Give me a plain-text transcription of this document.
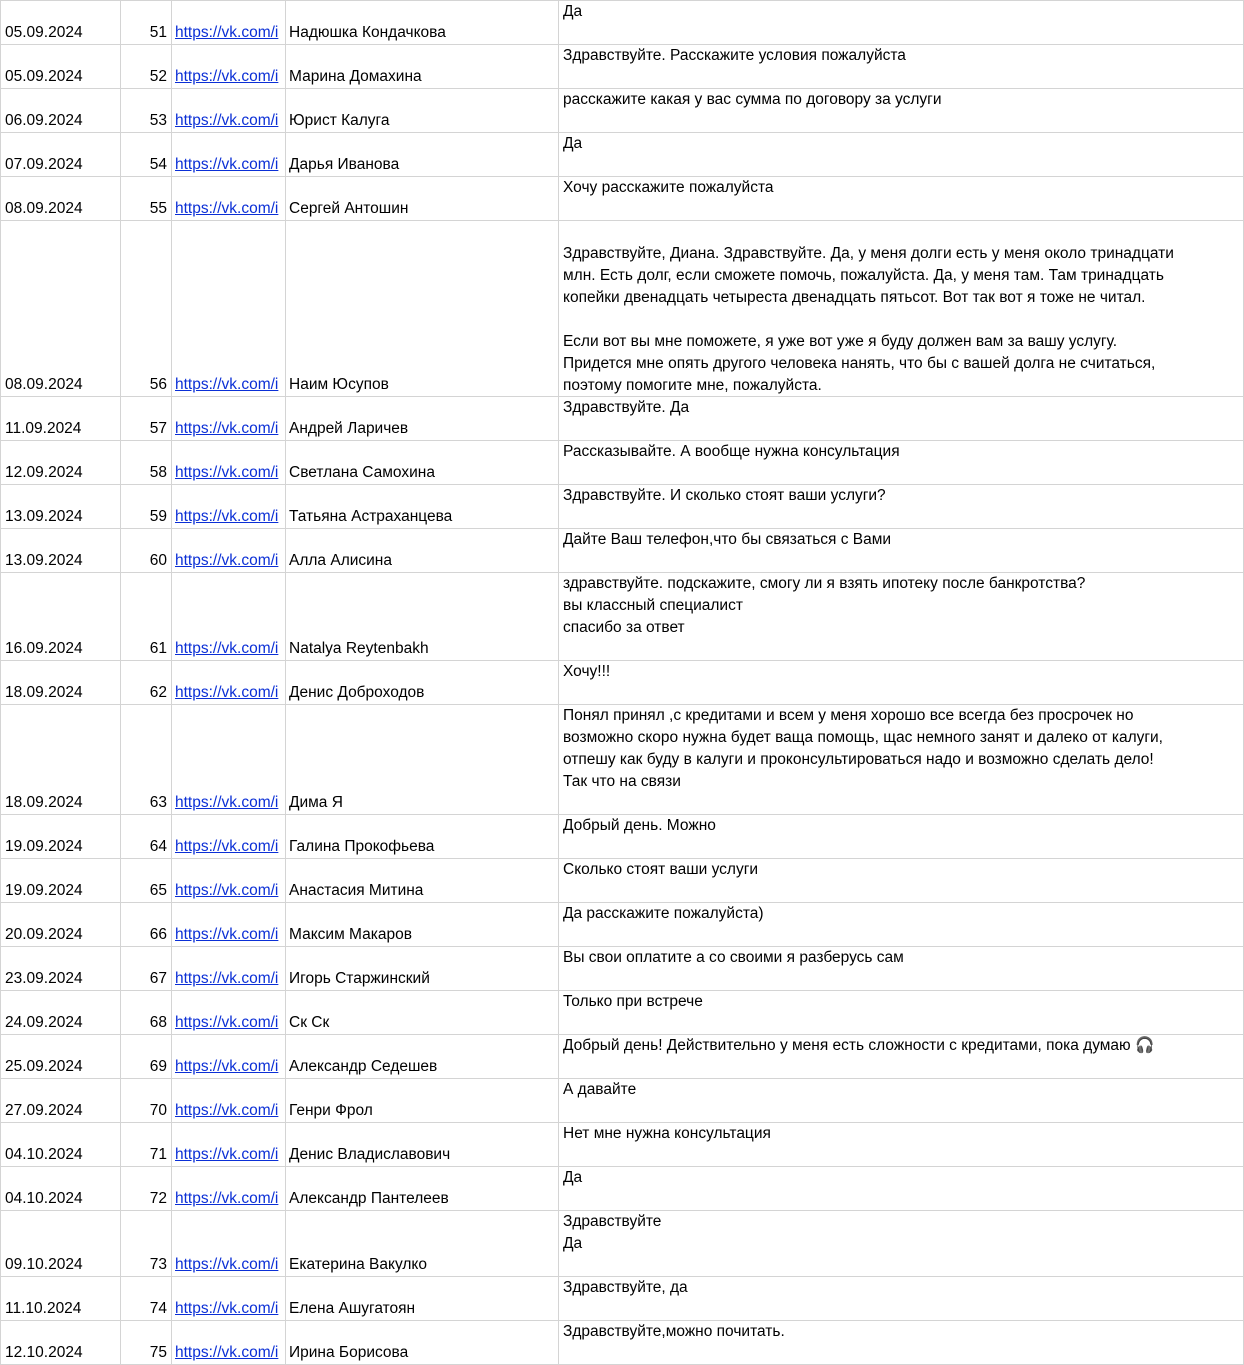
05.09.2024	51 https://vk.com/i Надюшка Кондачкова
Да
05.09.2024	52 https://vk.com/i Марина Домахина
Здравствуйте. Расскажите условия пожалуйста
06.09.2024	53 https://vk.com/i Юрист Калуга
расскажите какая у вас сумма по договору за услуги
07.09.2024	54 https://vk.com/i Дарья Иванова
Да
08.09.2024	55 https://vk.com/i Сергей Антошин
Хочу расскажите пожалуйста
08.09.2024	56 https://vk.com/i Наим Юсупов
Здравствуйте, Диана. Здравствуйте. Да, у меня долги есть у меня около тринадцати
млн. Есть долг, если сможете помочь, пожалуйста. Да, у меня там. Там тринадцать
копейки двенадцать четыреста двенадцать пятьсот. Вот так вот я тоже не читал.
Если вот вы мне поможете, я уже вот уже я буду должен вам за вашу услугу.
Придется мне опять другого человека нанять, что бы с вашей долга не считаться,
поэтому помогите мне, пожалуйста.
11.09.2024	57 https://vk.com/i Андрей Ларичев
Здравствуйте. Да
12.09.2024	58 https://vk.com/i Светлана Самохина
Рассказывайте. А вообще нужна консультация
13.09.2024	59 https://vk.com/i Татьяна Астраханцева
Здравствуйте. И сколько стоят ваши услуги?
13.09.2024	60 https://vk.com/i Алла Алисина
Дайте Ваш телефон,что бы связаться с Вами
16.09.2024	61 https://vk.com/i Natalya Reytenbakh
здравствуйте. подскажите, смогу ли я взять ипотеку после банкротства?
вы классный специалист
спасибо за ответ
18.09.2024	62 https://vk.com/i Денис Доброходов
Хочу!!!
18.09.2024	63 https://vk.com/i Дима Я
Понял принял ,с кредитами и всем у меня хорошо все всегда без просрочек но
возможно скоро нужна будет ваща помощь, щас немного занят и далеко от калуги,
отпешу как буду в калуги и проконсультироваться надо и возможно сделать дело!
Так что на связи
19.09.2024	64 https://vk.com/i Галина Прокофьева
Добрый день. Можно
19.09.2024	65 https://vk.com/i Анастасия Митина
Сколько стоят ваши услуги
20.09.2024	66 https://vk.com/i Максим Макаров
Да расскажите пожалуйста)
23.09.2024	67 https://vk.com/i Игорь Старжинский
Вы свои оплатите а со своими я разберусь сам
24.09.2024	68 https://vk.com/i Ск Ск
Только при встрече
25.09.2024	69 https://vk.com/i Александр Седешев
Добрый день! Действительно у меня есть сложности с кредитами, пока думаю 🎧
27.09.2024	70 https://vk.com/i Генри Фрол
А давайте
04.10.2024	71 https://vk.com/i Денис Владиславович
Нет мне нужна консультация
04.10.2024	72 https://vk.com/i Александр Пантелеев
Да
09.10.2024	73 https://vk.com/i Екатерина Вакулко
Здравствуйте
Да
11.10.2024	74 https://vk.com/i Елена Ашугатоян
Здравствуйте, да
12.10.2024	75 https://vk.com/i Ирина Борисова
Здравствуйте,можно почитать.
